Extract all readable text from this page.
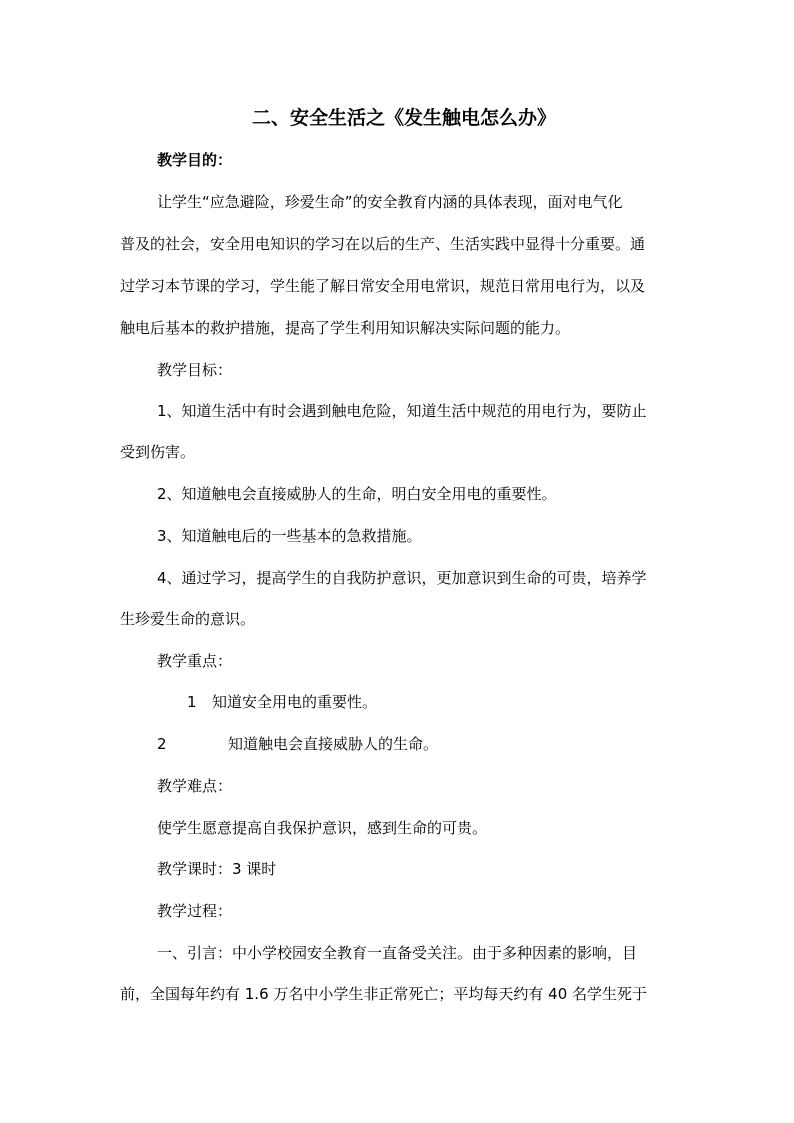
二、安全生活之《发生触电怎么办》
教学目的：
让学生“应急避险，珍爱生命”的安全教育内涵的具体表现，面对电气化
普及的社会，安全用电知识的学习在以后的生产、生活实践中显得十分重要。通
过学习本节课的学习，学生能了解日常安全用电常识，规范日常用电行为，以及
触电后基本的救护措施，提高了学生利用知识解决实际问题的能力。
教学目标：
1、知道生活中有时会遇到触电危险，知道生活中规范的用电行为，要防止
受到伤害。
2、知道触电会直接威胁人的生命，明白安全用电的重要性。
3、知道触电后的一些基本的急救措施。
4、通过学习，提高学生的自我防护意识，更加意识到生命的可贵，培养学
生珍爱生命的意识。
教学重点：
1 知道安全用电的重要性。
2	知道触电会直接威胁人的生命。
教学难点：
使学生愿意提高自我保护意识，感到生命的可贵。
教学课时：3 课时
教学过程：
一、引言：中小学校园安全教育一直备受关注。由于多种因素的影响，目
前，全国每年约有 1.6 万名中小学生非正常死亡；平均每天约有 40 名学生死于
